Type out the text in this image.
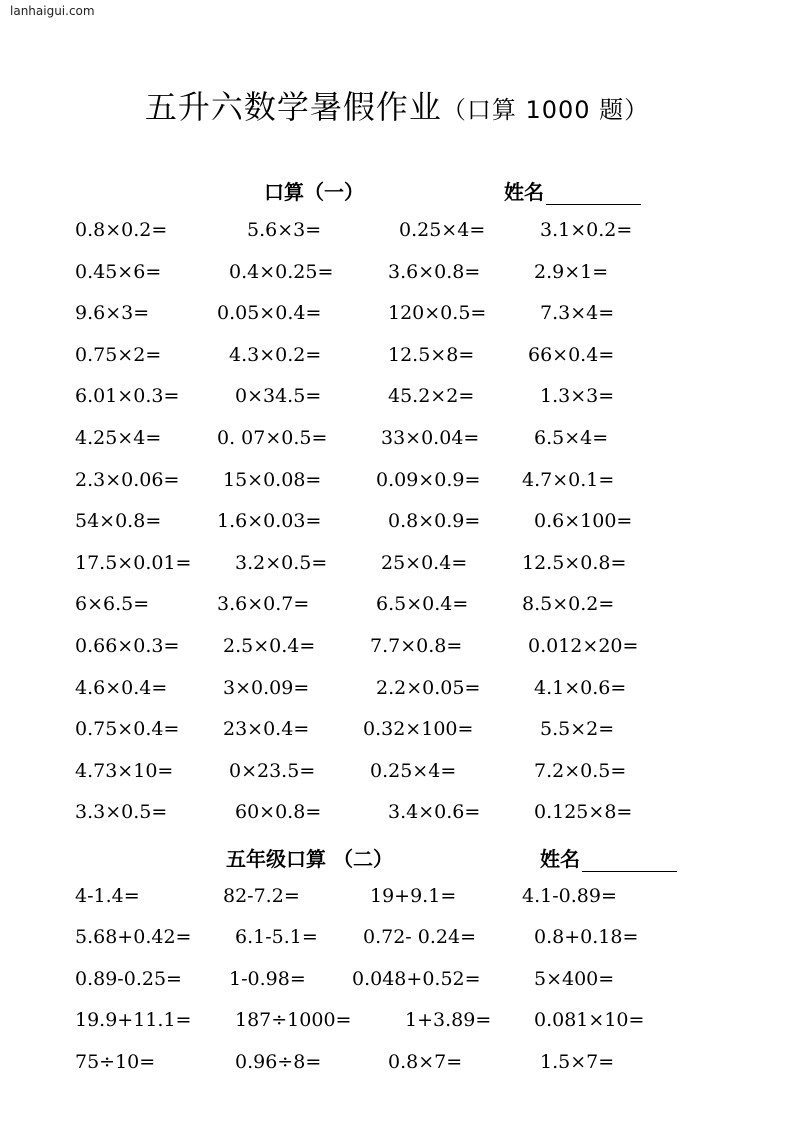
lanhaigui.com
五升六数学暑假作业（口算 1000 题）
口算（一）	姓名
0.8×0.2=	5.6×3=	0.25×4=	3.1×0.2=
0.45×6=	0.4×0.25=	3.6×0.8=	2.9×1=
9.6×3=	0.05×0.4=	120×0.5=	7.3×4=
0.75×2=	4.3×0.2=	12.5×8=	66×0.4=
6.01×0.3=	0×34.5=	45.2×2=	1.3×3=
4.25×4=	0. 07×0.5=	33×0.04=	6.5×4=
2.3×0.06= 15×0.08=	0.09×0.9= 4.7×0.1=
54×0.8=	1.6×0.03=	0.8×0.9=	0.6×100=
17.5×0.01= 3.2×0.5=	25×0.4=	12.5×0.8=
6×6.5=	3.6×0.7=	6.5×0.4=	8.5×0.2=
0.66×0.3= 2.5×0.4=	7.7×0.8=	0.012×20=
4.6×0.4=	3×0.09=	2.2×0.05=	4.1×0.6=
0.75×0.4= 23×0.4=	0.32×100=	5.5×2=
4.73×10=	0×23.5=	0.25×4=	7.2×0.5=
3.3×0.5=	60×0.8=	3.4×0.6=	0.125×8=
五年级口算 （二）	姓名
4-1.4=	82-7.2=	19+9.1=	4.1-0.89=
5.68+0.42= 6.1-5.1= 0.72- 0.24=	0.8+0.18=
0.89-0.25= 1-0.98= 0.048+0.52=	5×400=
19.9+11.1= 187÷1000=	1+3.89= 0.081×10=
75÷10=	0.96÷8=	0.8×7=	1.5×7=
